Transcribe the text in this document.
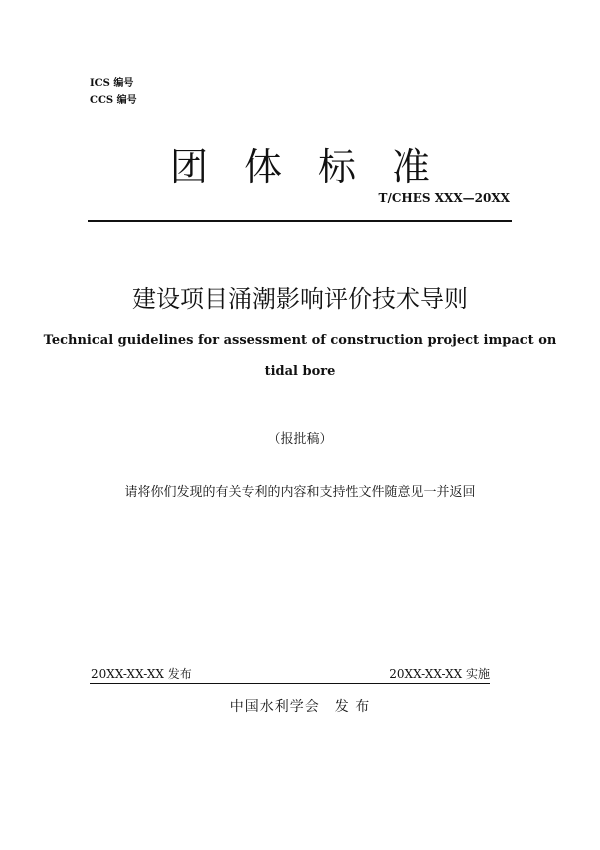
ICS 编号
CCS 编号
团体标准
T/CHES XXX—20XX
建设项目涌潮影响评价技术导则
Technical guidelines for assessment of construction project impact on
tidal bore
（报批稿）
请将你们发现的有关专利的内容和支持性文件随意见一并返回
20XX-XX-XX 发布	20XX-XX-XX 实施
中国水利学会　发 布
